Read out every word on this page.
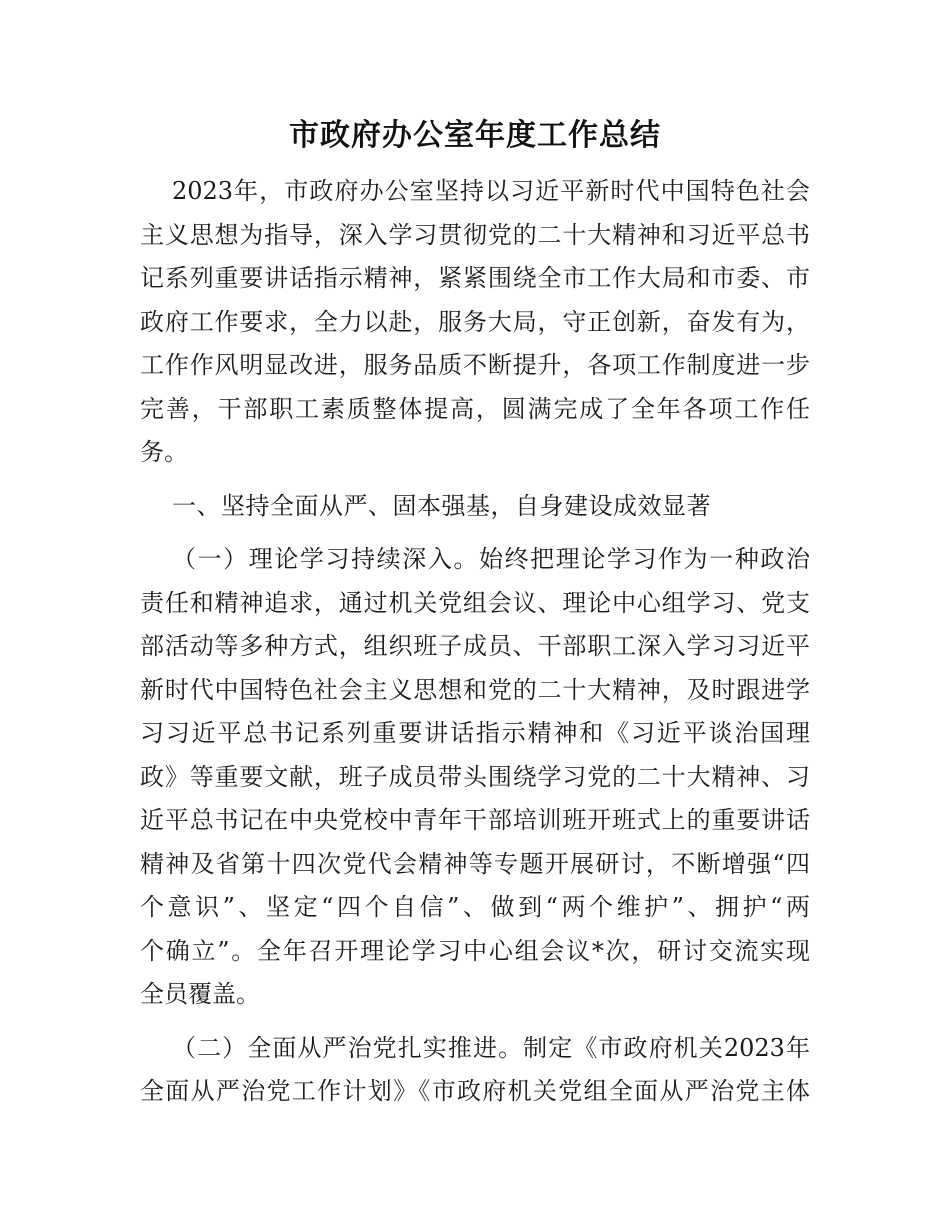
市政府办公室年度工作总结
2023年，市政府办公室坚持以习近平新时代中国特色社会
主义思想为指导，深入学习贯彻党的二十大精神和习近平总书
记系列重要讲话指示精神，紧紧围绕全市工作大局和市委、市
政府工作要求，全力以赴，服务大局，守正创新，奋发有为，
工作作风明显改进，服务品质不断提升，各项工作制度进一步
完善，干部职工素质整体提高，圆满完成了全年各项工作任
务。
一、坚持全面从严、固本强基，自身建设成效显著
（一）理论学习持续深入。始终把理论学习作为一种政治
责任和精神追求，通过机关党组会议、理论中心组学习、党支
部活动等多种方式，组织班子成员、干部职工深入学习习近平
新时代中国特色社会主义思想和党的二十大精神，及时跟进学
习习近平总书记系列重要讲话指示精神和《习近平谈治国理
政》等重要文献，班子成员带头围绕学习党的二十大精神、习
近平总书记在中央党校中青年干部培训班开班式上的重要讲话
精神及省第十四次党代会精神等专题开展研讨，不断增强“四
个意识”、坚定“四个自信”、做到“两个维护”、拥护“两
个确立”。全年召开理论学习中心组会议*次，研讨交流实现
全员覆盖。
（二）全面从严治党扎实推进。制定《市政府机关2023年
全面从严治党工作计划》《市政府机关党组全面从严治党主体
